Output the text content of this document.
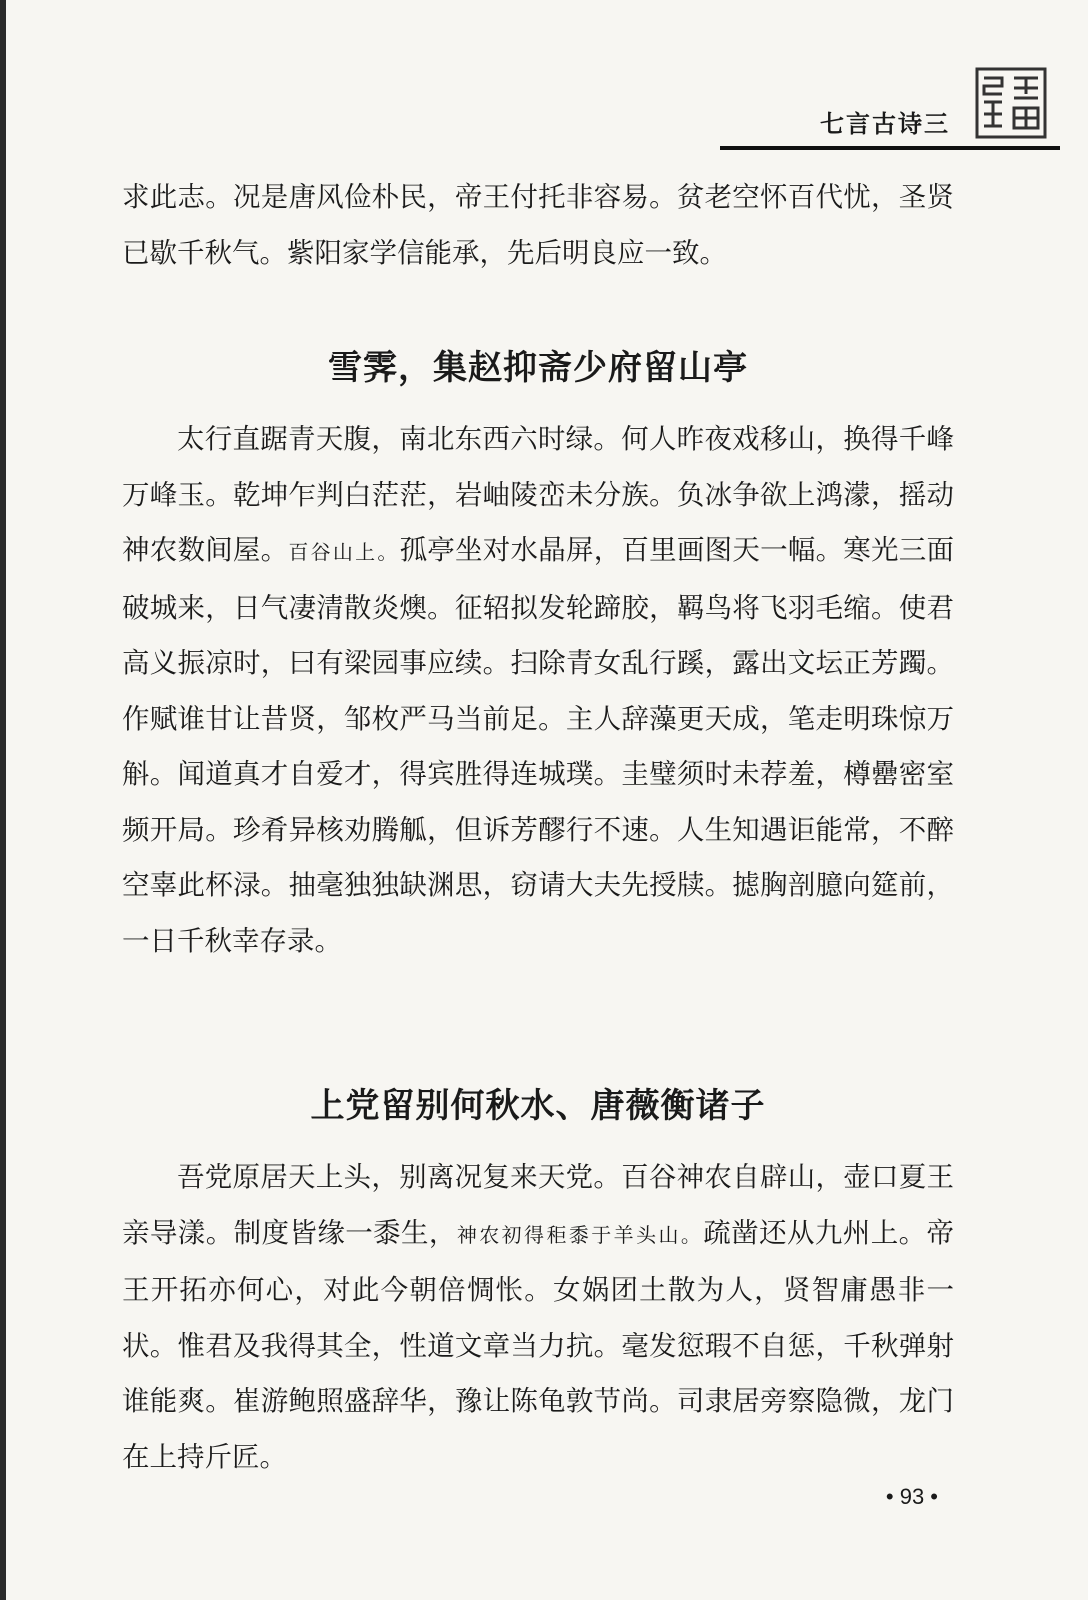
七言古诗三

求此志。况是唐风俭朴民，帝王付托非容易。贫老空怀百代忧，圣贤已歇千秋气。紫阳家学信能承，先后明良应一致。

雪霁，集赵抑斋少府留山亭

太行直踞青天腹，南北东西六时绿。何人昨夜戏移山，换得千峰万峰玉。乾坤乍判白茫茫，岩岫陵峦未分族。负冰争欲上鸿濛，摇动神农数间屋。百谷山上。孤亭坐对水晶屏，百里画图天一幅。寒光三面破城来，日气凄清散炎燠。征轺拟发轮蹄胶，羁鸟将飞羽毛缩。使君高义振凉时，曰有梁园事应续。扫除青女乱行蹊，露出文坛正芳躅。作赋谁甘让昔贤，邹枚严马当前足。主人辞藻更天成，笔走明珠惊万斛。闻道真才自爱才，得宾胜得连城璞。圭璧须时未荐羞，樽罍密室频开局。珍肴异核劝腾觚，但诉芳醪行不速。人生知遇讵能常，不醉空辜此杯渌。抽毫独独缺渊思，窃请大夫先授牍。摅胸剖臆向筵前，一日千秋幸存录。

上党留别何秋水、唐薇衡诸子

吾党原居天上头，别离况复来天党。百谷神农自辟山，壶口夏王亲导漾。制度皆缘一黍生，神农初得秬黍于羊头山。疏凿还从九州上。帝王开拓亦何心，对此今朝倍惆怅。女娲团土散为人，贤智庸愚非一状。惟君及我得其全，性道文章当力抗。毫发愆瑕不自惩，千秋弹射谁能爽。崔游鲍照盛辞华，豫让陈龟敦节尚。司隶居旁察隐微，龙门在上持斤匠。

• 93 •
